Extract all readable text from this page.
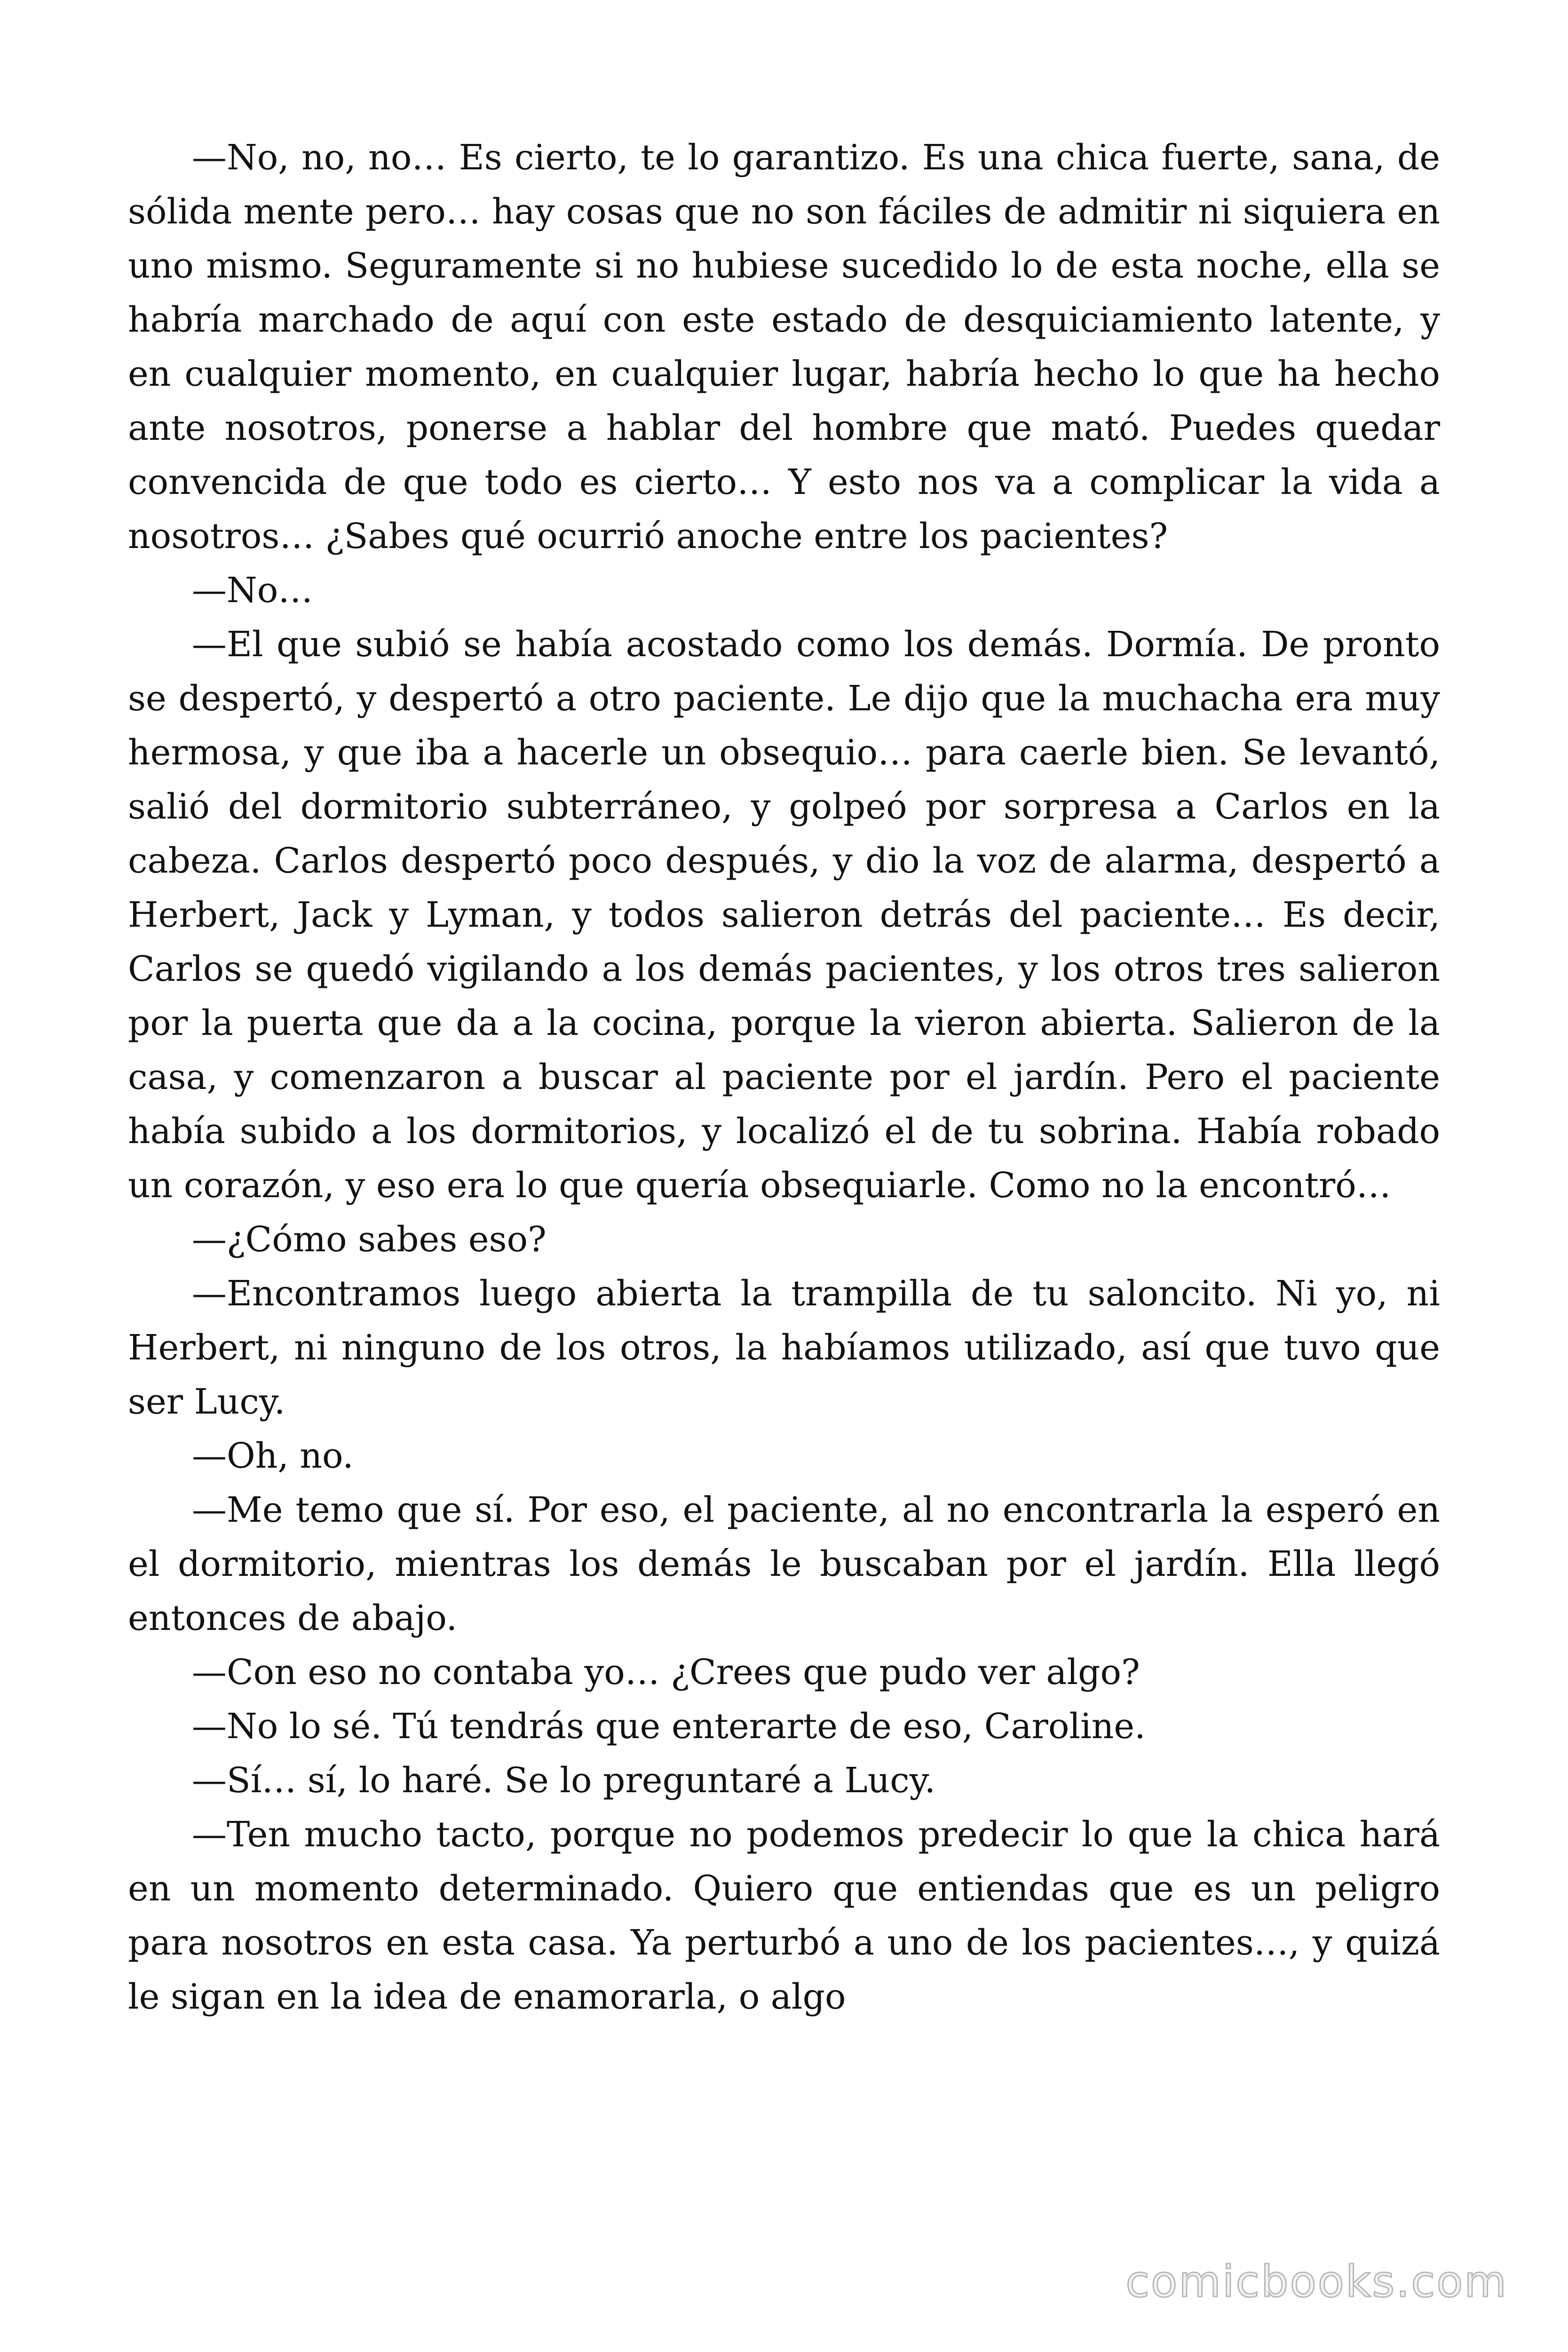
—No, no, no… Es cierto, te lo garantizo. Es una chica fuerte, sana, de sólida mente pero… hay cosas que no son fáciles de admitir ni siquiera en uno mismo. Seguramente si no hubiese sucedido lo de esta noche, ella se habría marchado de aquí con este estado de desquiciamiento latente, y en cualquier momento, en cualquier lugar, habría hecho lo que ha hecho ante nosotros, ponerse a hablar del hombre que mató. Puedes quedar convencida de que todo es cierto… Y esto nos va a complicar la vida a nosotros… ¿Sabes qué ocurrió anoche entre los pacientes?

—No…

—El que subió se había acostado como los demás. Dormía. De pronto se despertó, y despertó a otro paciente. Le dijo que la muchacha era muy hermosa, y que iba a hacerle un obsequio… para caerle bien. Se levantó, salió del dormitorio subterráneo, y golpeó por sorpresa a Carlos en la cabeza. Carlos despertó poco después, y dio la voz de alarma, despertó a Herbert, Jack y Lyman, y todos salieron detrás del paciente… Es decir, Carlos se quedó vigilando a los demás pacientes, y los otros tres salieron por la puerta que da a la cocina, porque la vieron abierta. Salieron de la casa, y comenzaron a buscar al paciente por el jardín. Pero el paciente había subido a los dormitorios, y localizó el de tu sobrina. Había robado un corazón, y eso era lo que quería obsequiarle. Como no la encontró…

—¿Cómo sabes eso?

—Encontramos luego abierta la trampilla de tu saloncito. Ni yo, ni Herbert, ni ninguno de los otros, la habíamos utilizado, así que tuvo que ser Lucy.

—Oh, no.

—Me temo que sí. Por eso, el paciente, al no encontrarla la esperó en el dormitorio, mientras los demás le buscaban por el jardín. Ella llegó entonces de abajo.

—Con eso no contaba yo… ¿Crees que pudo ver algo?

—No lo sé. Tú tendrás que enterarte de eso, Caroline.

—Sí… sí, lo haré. Se lo preguntaré a Lucy.

—Ten mucho tacto, porque no podemos predecir lo que la chica hará en un momento determinado. Quiero que entiendas que es un peligro para nosotros en esta casa. Ya perturbó a uno de los pacientes…, y quizá le sigan en la idea de enamorarla, o algo

comicbooks.com
